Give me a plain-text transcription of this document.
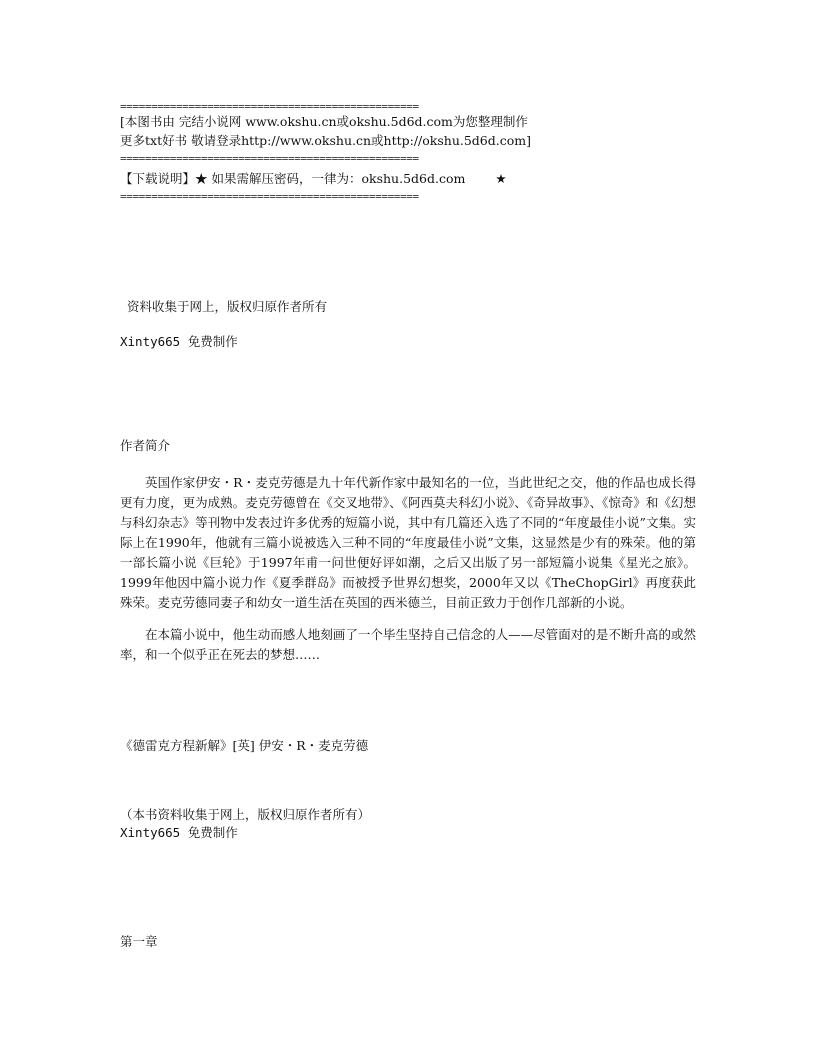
================================================
[本图书由 完结小说网 www.okshu.cn或okshu.5d6d.com为您整理制作
更多txt好书 敬请登录http://www.okshu.cn或http://okshu.5d6d.com]
================================================
【下载说明】★ 如果需解压密码，一律为：okshu.5d6d.com ★
================================================
资料收集于网上，版权归原作者所有
Xinty665 免费制作
作者简介

英国作家伊安・R・麦克劳德是九十年代新作家中最知名的一位，当此世纪之交，他的作品也成长得更有力度，更为成熟。麦克劳德曾在《交叉地带》、《阿西莫夫科幻小说》、《奇异故事》、《惊奇》和《幻想与科幻杂志》等刊物中发表过许多优秀的短篇小说，其中有几篇还入选了不同的“年度最佳小说”文集。实际上在1990年，他就有三篇小说被选入三种不同的“年度最佳小说”文集，这显然是少有的殊荣。他的第一部长篇小说《巨轮》于1997年甫一问世便好评如潮，之后又出版了另一部短篇小说集《星光之旅》。1999年他因中篇小说力作《夏季群岛》而被授予世界幻想奖，2000年又以《TheChopGirl》再度获此殊荣。麦克劳德同妻子和幼女一道生活在英国的西米德兰，目前正致力于创作几部新的小说。

在本篇小说中，他生动而感人地刻画了一个毕生坚持自己信念的人——尽管面对的是不断升高的或然率，和一个似乎正在死去的梦想……

《德雷克方程新解》[英] 伊安・R・麦克劳德
（本书资料收集于网上，版权归原作者所有）
Xinty665 免费制作
第一章
